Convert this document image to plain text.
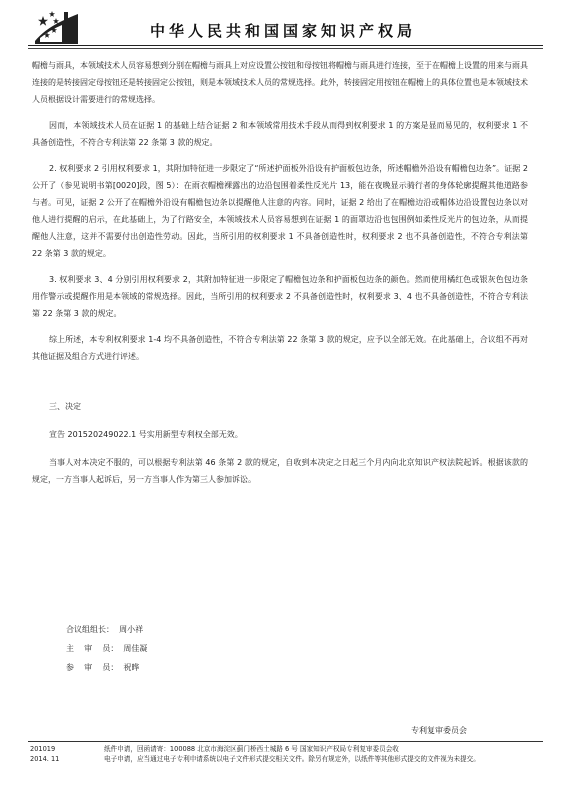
中华人民共和国国家知识产权局

帽檐与雨具，本领域技术人员容易想到分别在帽檐与雨具上对应设置公按钮和母按钮将帽檐与雨具进行连接，至于在帽檐上设置的用来与雨具连接的是转接固定母按钮还是转接固定公按钮，则是本领域技术人员的常规选择。此外，转接固定用按钮在帽檐上的具体位置也是本领域技术人员根据设计需要进行的常规选择。

因而，本领域技术人员在证据 1 的基础上结合证据 2 和本领域常用技术手段从而得到权利要求 1 的方案是显而易见的，权利要求 1 不具备创造性，不符合专利法第 22 条第 3 款的规定。

2. 权利要求 2 引用权利要求 1，其附加特征进一步限定了“所述护面板外沿设有护面板包边条，所述帽檐外沿设有帽檐包边条”。证据 2 公开了（参见说明书第[0020]段，图 5）：在雨衣帽檐裸露出的边沿包围着柔性反光片 13，能在夜晚显示骑行者的身体轮廓提醒其他道路参与者。可见，证据 2 公开了在帽檐外沿设有帽檐包边条以提醒他人注意的内容。同时，证据 2 给出了在帽檐边沿或帽体边沿设置包边条以对他人进行提醒的启示，在此基础上，为了行路安全，本领域技术人员容易想到在证据 1 的面罩边沿也包围例如柔性反光片的包边条，从而提醒他人注意，这并不需要付出创造性劳动。因此，当所引用的权利要求 1 不具备创造性时，权利要求 2 也不具备创造性，不符合专利法第 22 条第 3 款的规定。

3. 权利要求 3、4 分别引用权利要求 2，其附加特征进一步限定了帽檐包边条和护面板包边条的颜色。然而使用橘红色或银灰色包边条用作警示或提醒作用是本领域的常规选择。因此，当所引用的权利要求 2 不具备创造性时，权利要求 3、4 也不具备创造性，不符合专利法第 22 条第 3 款的规定。

综上所述，本专利权利要求 1-4 均不具备创造性，不符合专利法第 22 条第 3 款的规定，应予以全部无效。在此基础上，合议组不再对其他证据及组合方式进行评述。

三、决定

宣告 201520249022.1 号实用新型专利权全部无效。

当事人对本决定不服的，可以根据专利法第 46 条第 2 款的规定，自收到本决定之日起三个月内向北京知识产权法院起诉。根据该款的规定，一方当事人起诉后，另一方当事人作为第三人参加诉讼。

合议组组长：  周小祥
主    审    员：  周佳凝
参    审    员：  祝晔
专利复审委员会
201019	纸件申请，回函请寄：100088 北京市海淀区蓟门桥西土城路 6 号 国家知识产权局专利复审委员会收
2014. 11	电子申请，应当通过电子专利申请系统以电子文件形式提交相关文件。除另有规定外，以纸件等其他形式提交的文件视为未提交。
